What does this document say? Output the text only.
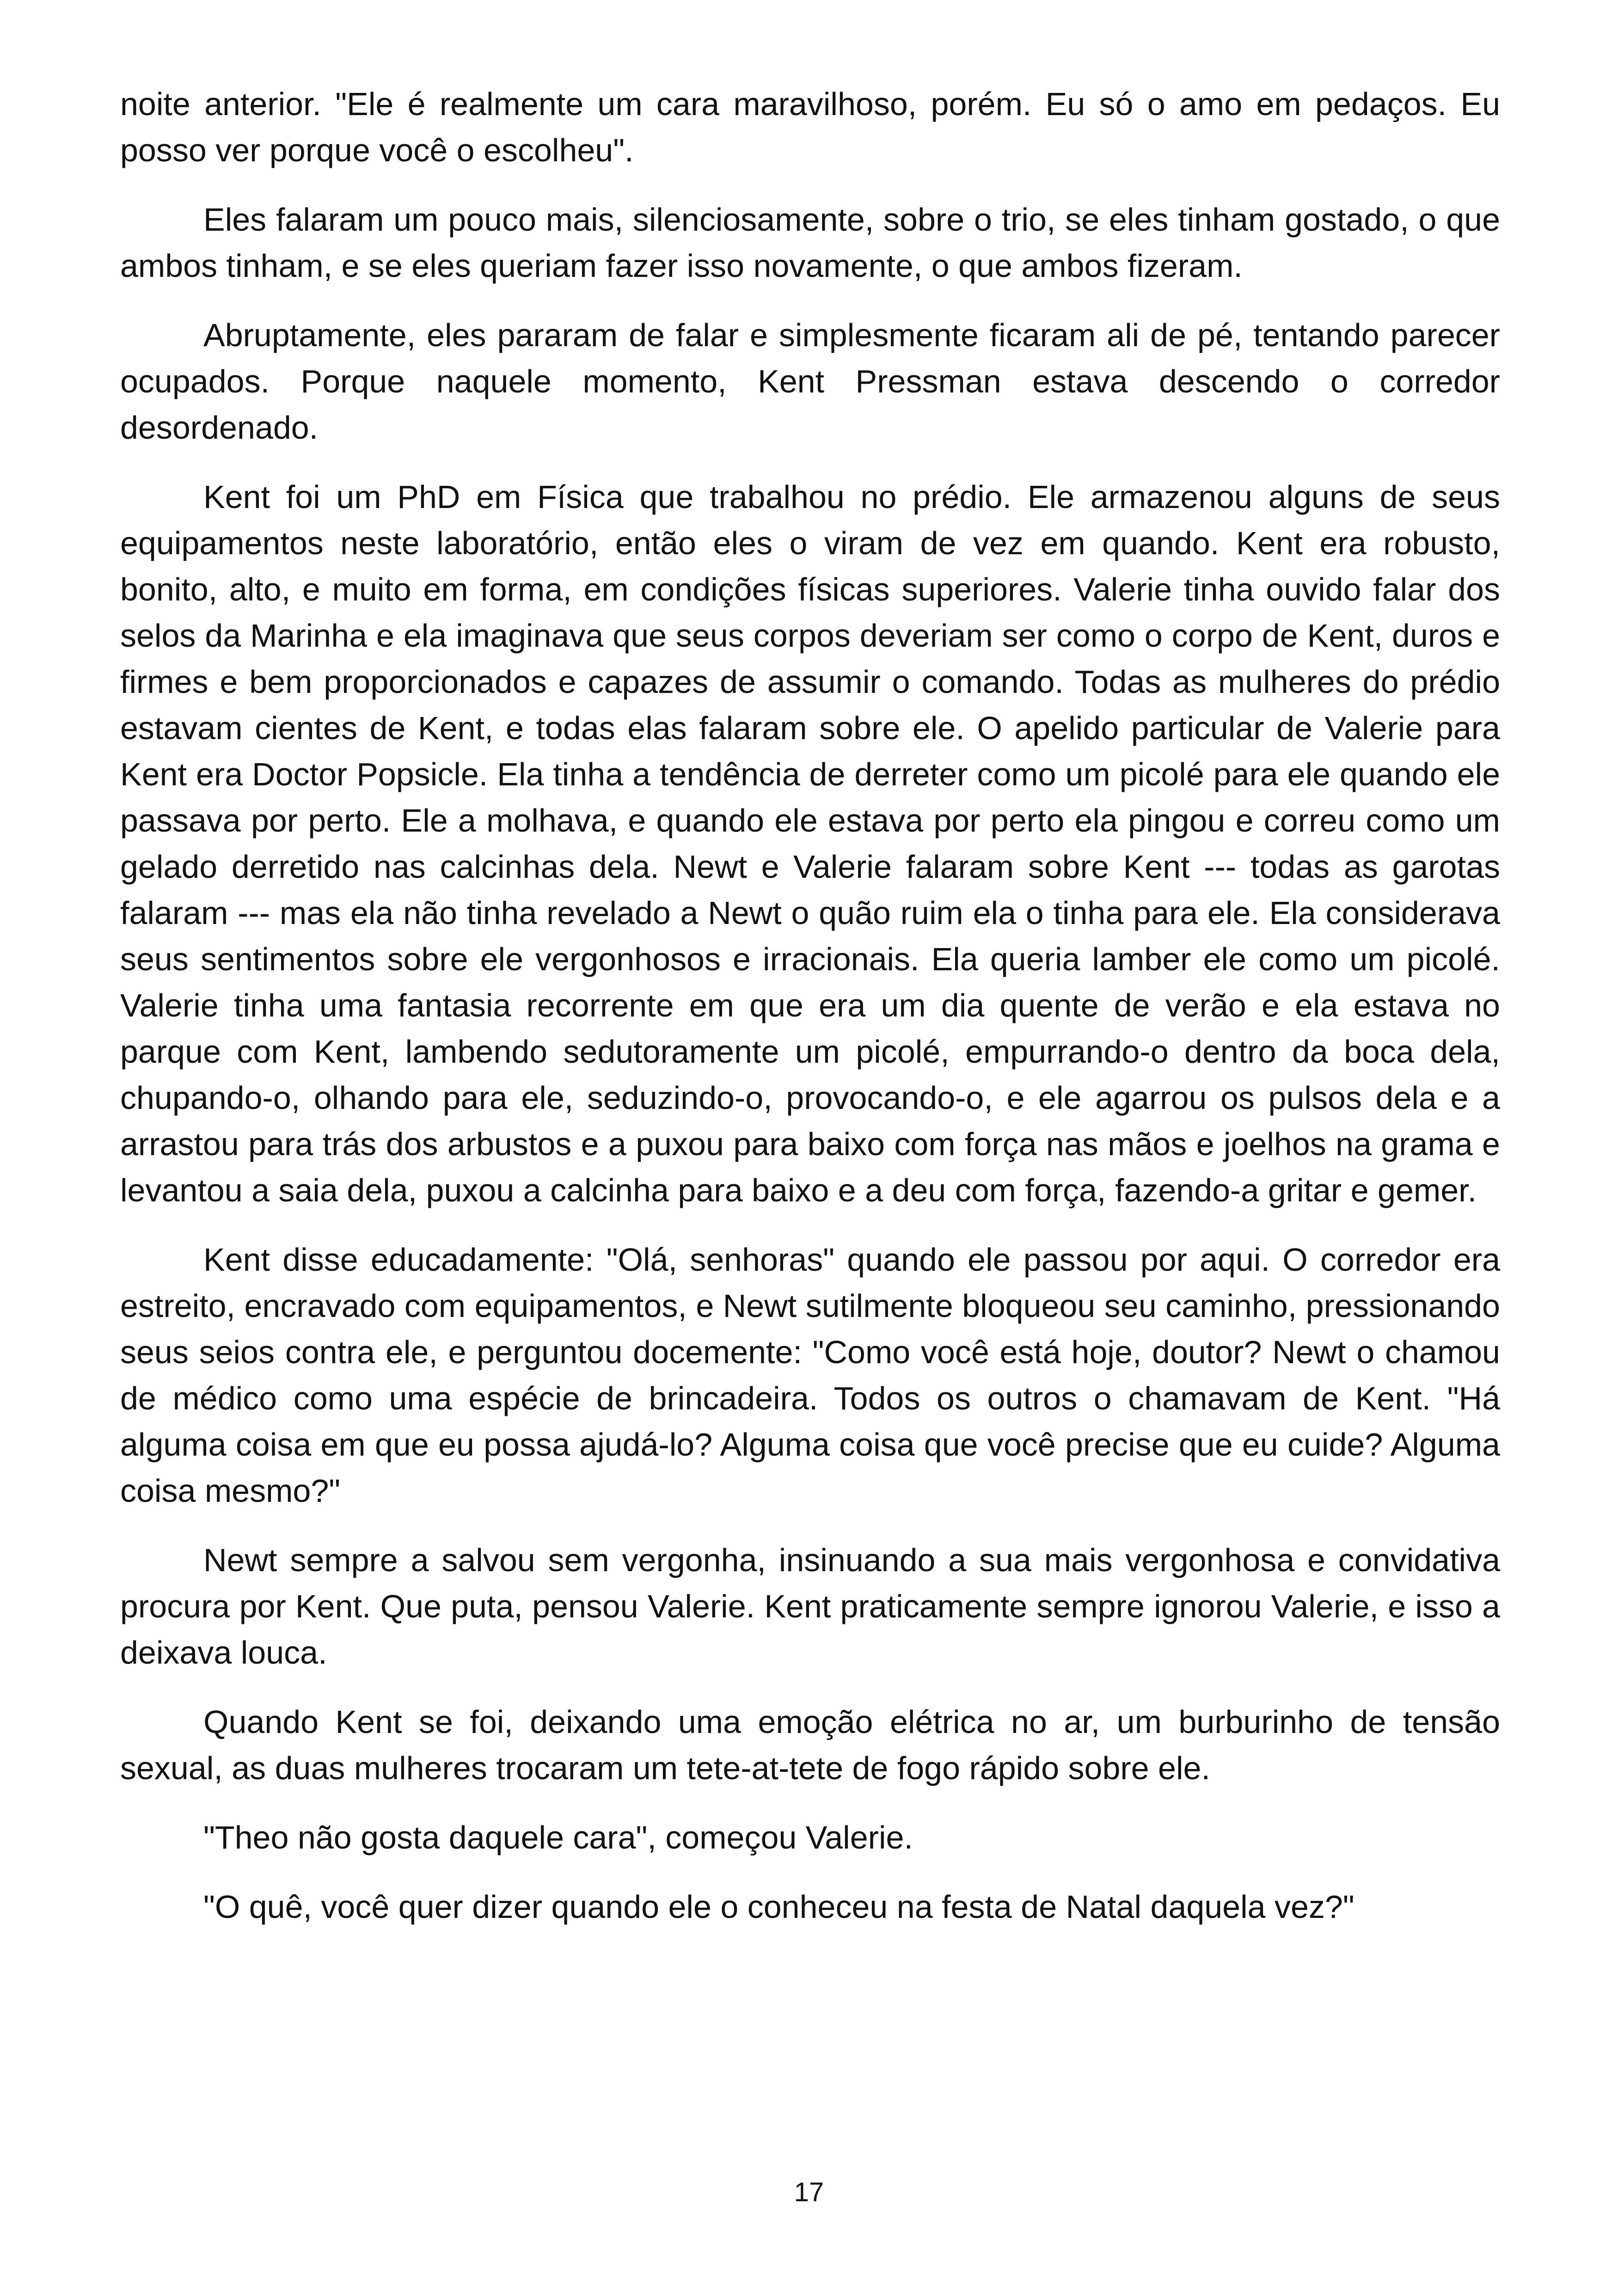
noite anterior. "Ele é realmente um cara maravilhoso, porém. Eu só o amo em pedaços. Eu posso ver porque você o escolheu".

Eles falaram um pouco mais, silenciosamente, sobre o trio, se eles tinham gostado, o que ambos tinham, e se eles queriam fazer isso novamente, o que ambos fizeram.

Abruptamente, eles pararam de falar e simplesmente ficaram ali de pé, tentando parecer ocupados. Porque naquele momento, Kent Pressman estava descendo o corredor desordenado.

Kent foi um PhD em Física que trabalhou no prédio. Ele armazenou alguns de seus equipamentos neste laboratório, então eles o viram de vez em quando. Kent era robusto, bonito, alto, e muito em forma, em condições físicas superiores. Valerie tinha ouvido falar dos selos da Marinha e ela imaginava que seus corpos deveriam ser como o corpo de Kent, duros e firmes e bem proporcionados e capazes de assumir o comando. Todas as mulheres do prédio estavam cientes de Kent, e todas elas falaram sobre ele. O apelido particular de Valerie para Kent era Doctor Popsicle. Ela tinha a tendência de derreter como um picolé para ele quando ele passava por perto. Ele a molhava, e quando ele estava por perto ela pingou e correu como um gelado derretido nas calcinhas dela. Newt e Valerie falaram sobre Kent --- todas as garotas falaram --- mas ela não tinha revelado a Newt o quão ruim ela o tinha para ele. Ela considerava seus sentimentos sobre ele vergonhosos e irracionais. Ela queria lamber ele como um picolé. Valerie tinha uma fantasia recorrente em que era um dia quente de verão e ela estava no parque com Kent, lambendo sedutoramente um picolé, empurrando-o dentro da boca dela, chupando-o, olhando para ele, seduzindo-o, provocando-o, e ele agarrou os pulsos dela e a arrastou para trás dos arbustos e a puxou para baixo com força nas mãos e joelhos na grama e levantou a saia dela, puxou a calcinha para baixo e a deu com força, fazendo-a gritar e gemer.

Kent disse educadamente: "Olá, senhoras" quando ele passou por aqui. O corredor era estreito, encravado com equipamentos, e Newt sutilmente bloqueou seu caminho, pressionando seus seios contra ele, e perguntou docemente: "Como você está hoje, doutor? Newt o chamou de médico como uma espécie de brincadeira. Todos os outros o chamavam de Kent. "Há alguma coisa em que eu possa ajudá-lo? Alguma coisa que você precise que eu cuide? Alguma coisa mesmo?"

Newt sempre a salvou sem vergonha, insinuando a sua mais vergonhosa e convidativa procura por Kent. Que puta, pensou Valerie. Kent praticamente sempre ignorou Valerie, e isso a deixava louca.

Quando Kent se foi, deixando uma emoção elétrica no ar, um burburinho de tensão sexual, as duas mulheres trocaram um tete-at-tete de fogo rápido sobre ele.

"Theo não gosta daquele cara", começou Valerie.

"O quê, você quer dizer quando ele o conheceu na festa de Natal daquela vez?"

17
